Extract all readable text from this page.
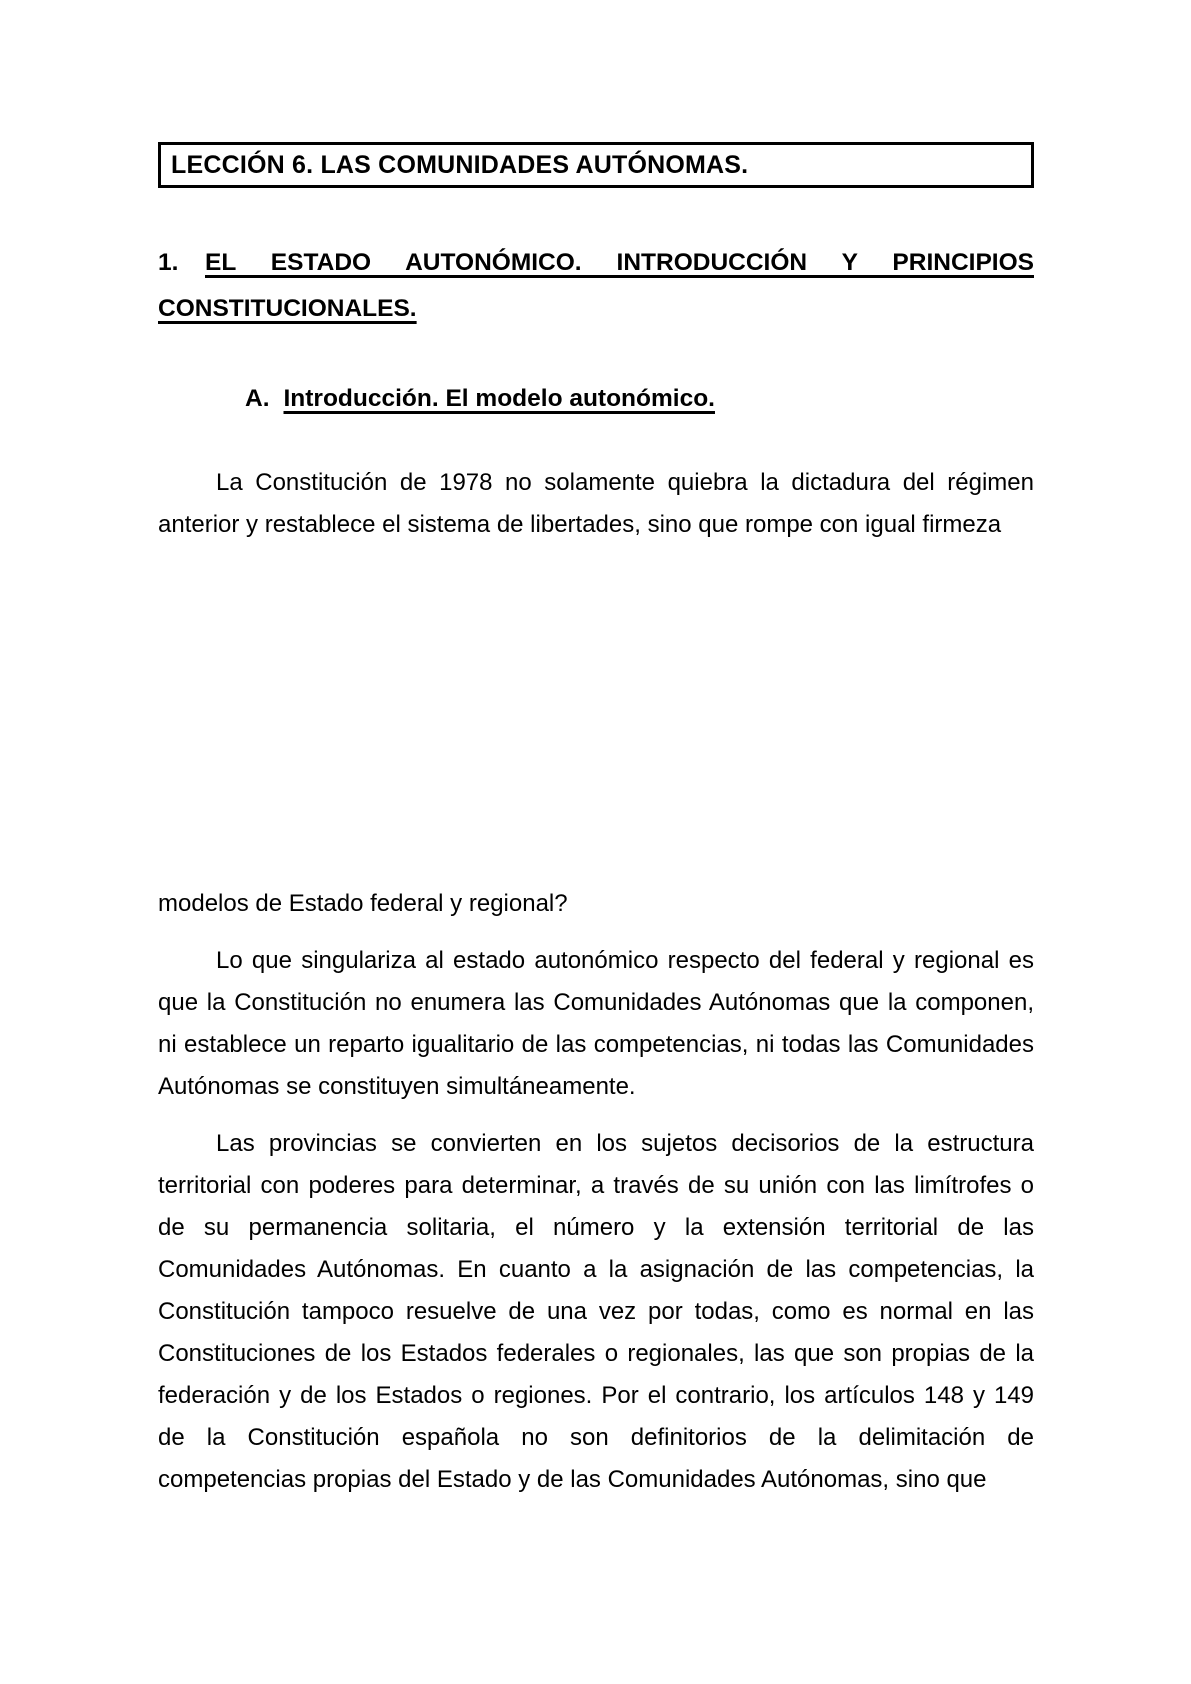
LECCIÓN 6. LAS COMUNIDADES AUTÓNOMAS.
1.	EL ESTADO AUTONÓMICO. INTRODUCCIÓN Y PRINCIPIOS
CONSTITUCIONALES.
A. Introducción. El modelo autonómico.

La Constitución de 1978 no solamente quiebra la dictadura del régimen anterior y restablece el sistema de libertades, sino que rompe con igual firmeza

modelos de Estado federal y regional?

Lo que singulariza al estado autonómico respecto del federal y regional es que la Constitución no enumera las Comunidades Autónomas que la componen, ni establece un reparto igualitario de las competencias, ni todas las Comunidades Autónomas se constituyen simultáneamente.

Las provincias se convierten en los sujetos decisorios de la estructura territorial con poderes para determinar, a través de su unión con las limítrofes o de su permanencia solitaria, el número y la extensión territorial de las Comunidades Autónomas. En cuanto a la asignación de las competencias, la Constitución tampoco resuelve de una vez por todas, como es normal en las Constituciones de los Estados federales o regionales, las que son propias de la federación y de los Estados o regiones. Por el contrario, los artículos 148 y 149 de la Constitución española no son definitorios de la delimitación de competencias propias del Estado y de las Comunidades Autónomas, sino que
